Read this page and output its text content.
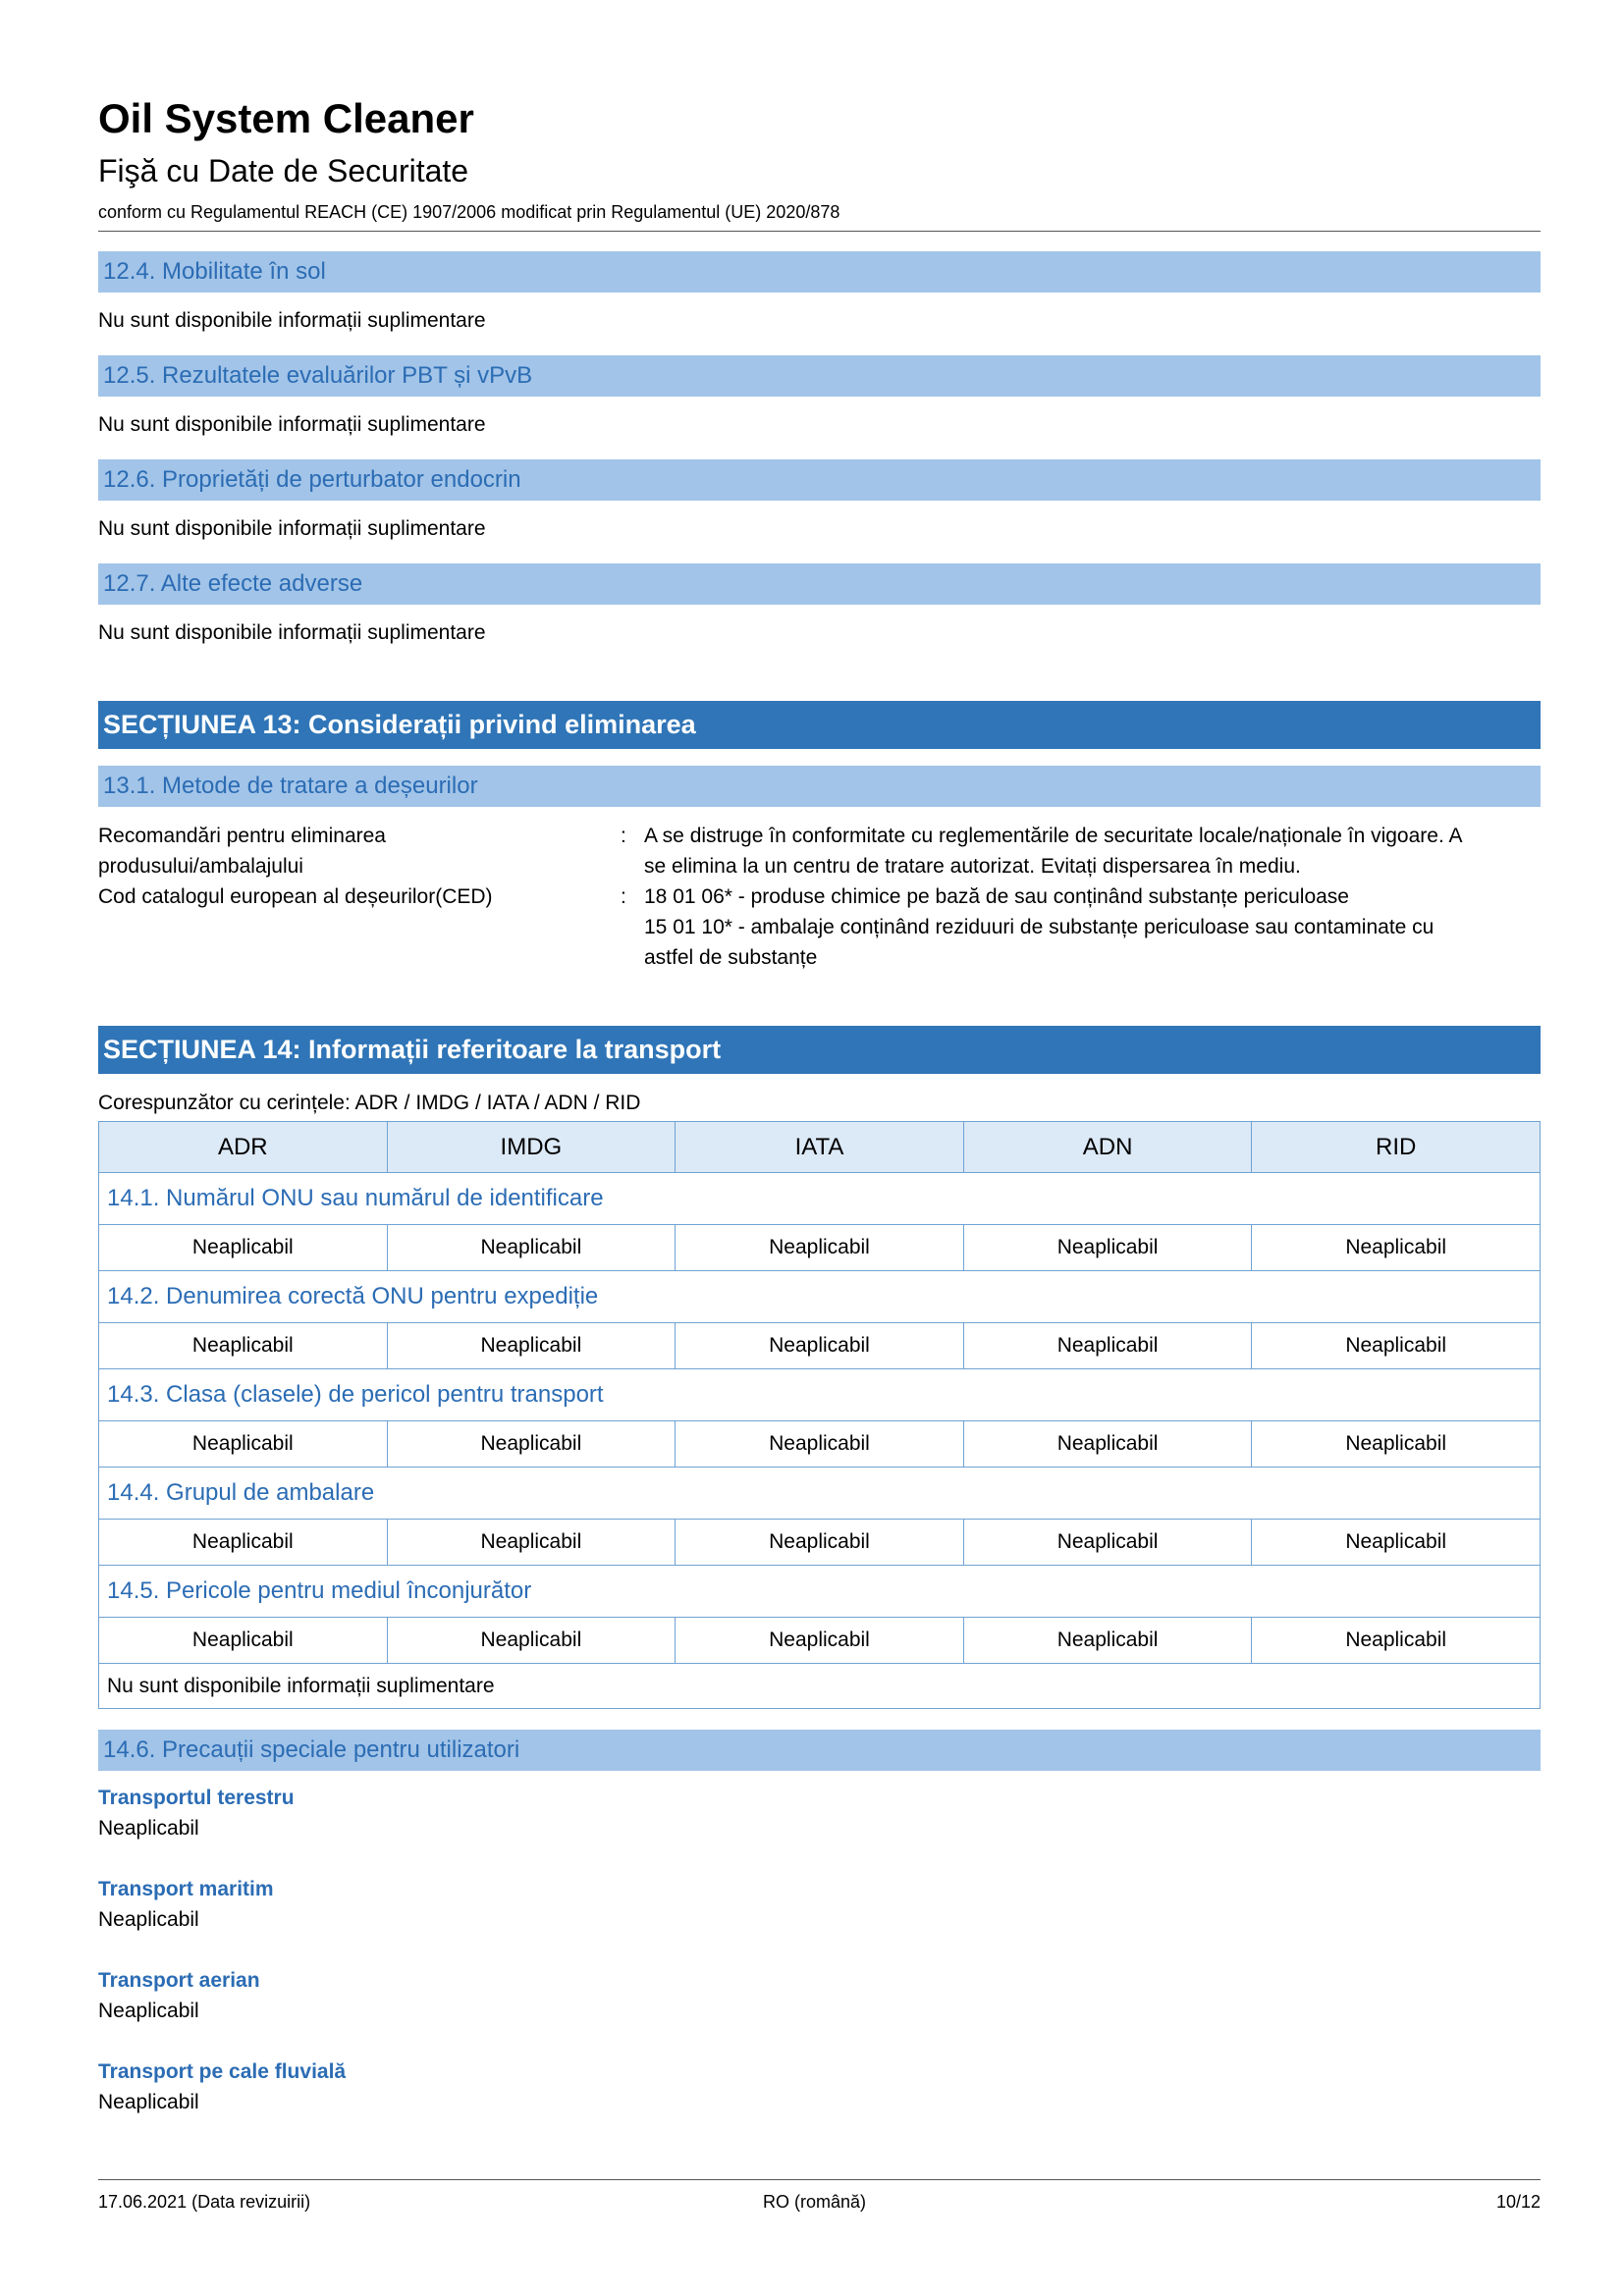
Oil System Cleaner
Fişă cu Date de Securitate
conform cu Regulamentul REACH (CE) 1907/2006 modificat prin Regulamentul (UE) 2020/878
12.4. Mobilitate în sol
Nu sunt disponibile informații suplimentare
12.5. Rezultatele evaluărilor PBT și vPvB
Nu sunt disponibile informații suplimentare
12.6. Proprietăți de perturbator endocrin
Nu sunt disponibile informații suplimentare
12.7. Alte efecte adverse
Nu sunt disponibile informații suplimentare
SECȚIUNEA 13: Considerații privind eliminarea
13.1. Metode de tratare a deșeurilor
Recomandări pentru eliminarea
produsului/ambalajului
: A se distruge în conformitate cu reglementările de securitate locale/naționale în vigoare. A
se elimina la un centru de tratare autorizat. Evitați dispersarea în mediu.
Cod catalogul european al deșeurilor(CED)	: 18 01 06* - produse chimice pe bază de sau conținând substanțe periculoase
15 01 10* - ambalaje conținând reziduuri de substanțe periculoase sau contaminate cu
astfel de substanțe
SECȚIUNEA 14: Informații referitoare la transport
Corespunzător cu cerințele: ADR / IMDG / IATA / ADN / RID
ADR	IMDG	IATA	ADN	RID
14.1. Numărul ONU sau numărul de identificare				
Neaplicabil	Neaplicabil	Neaplicabil	Neaplicabil	Neaplicabil
14.2. Denumirea corectă ONU pentru expediție				
Neaplicabil	Neaplicabil	Neaplicabil	Neaplicabil	Neaplicabil
14.3. Clasa (clasele) de pericol pentru transport				
Neaplicabil	Neaplicabil	Neaplicabil	Neaplicabil	Neaplicabil
14.4. Grupul de ambalare				
Neaplicabil	Neaplicabil	Neaplicabil	Neaplicabil	Neaplicabil
14.5. Pericole pentru mediul înconjurător				
Neaplicabil	Neaplicabil	Neaplicabil	Neaplicabil	Neaplicabil
Nu sunt disponibile informații suplimentare				
14.6. Precauții speciale pentru utilizatori
Transportul terestru
Neaplicabil
Transport maritim
Neaplicabil
Transport aerian
Neaplicabil
Transport pe cale fluvială
Neaplicabil
17.06.2021 (Data revizuirii)	RO (română)	10/12
